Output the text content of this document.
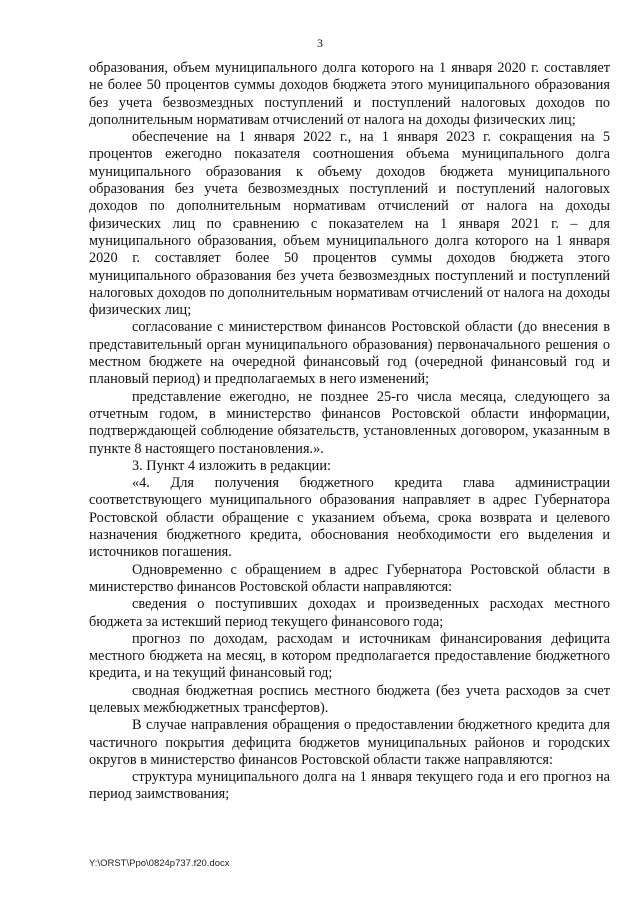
3

образования, объем муниципального долга которого на 1 января 2020 г. составляет не более 50 процентов суммы доходов бюджета этого муниципального образования без учета безвозмездных поступлений и поступлений налоговых доходов по дополнительным нормативам отчислений от налога на доходы физических лиц;

обеспечение на 1 января 2022 г., на 1 января 2023 г. сокращения на 5 процентов ежегодно показателя соотношения объема муниципального долга муниципального образования к объему доходов бюджета муниципального образования без учета безвозмездных поступлений и поступлений налоговых доходов по дополнительным нормативам отчислений от налога на доходы физических лиц по сравнению с показателем на 1 января 2021 г. – для муниципального образования, объем муниципального долга которого на 1 января 2020 г. составляет более 50 процентов суммы доходов бюджета этого муниципального образования без учета безвозмездных поступлений и поступлений налоговых доходов по дополнительным нормативам отчислений от налога на доходы физических лиц;

согласование с министерством финансов Ростовской области (до внесения в представительный орган муниципального образования) первоначального решения о местном бюджете на очередной финансовый год (очередной финансовый год и плановый период) и предполагаемых в него изменений;

представление ежегодно, не позднее 25-го числа месяца, следующего за отчетным годом, в министерство финансов Ростовской области информации, подтверждающей соблюдение обязательств, установленных договором, указанным в пункте 8 настоящего постановления.».

3. Пункт 4 изложить в редакции:

«4. Для получения бюджетного кредита глава администрации соответствующего муниципального образования направляет в адрес Губернатора Ростовской области обращение с указанием объема, срока возврата и целевого назначения бюджетного кредита, обоснования необходимости его выделения и источников погашения.

Одновременно с обращением в адрес Губернатора Ростовской области в министерство финансов Ростовской области направляются:

сведения о поступивших доходах и произведенных расходах местного бюджета за истекший период текущего финансового года;

прогноз по доходам, расходам и источникам финансирования дефицита местного бюджета на месяц, в котором предполагается предоставление бюджетного кредита, и на текущий финансовый год;

сводная бюджетная роспись местного бюджета (без учета расходов за счет целевых межбюджетных трансфертов).

В случае направления обращения о предоставлении бюджетного кредита для частичного покрытия дефицита бюджетов муниципальных районов и городских округов в министерство финансов Ростовской области также направляются:

структура муниципального долга на 1 января текущего года и его прогноз на период заимствования;

Y:\ORST\Ppo\0824p737.f20.docx
